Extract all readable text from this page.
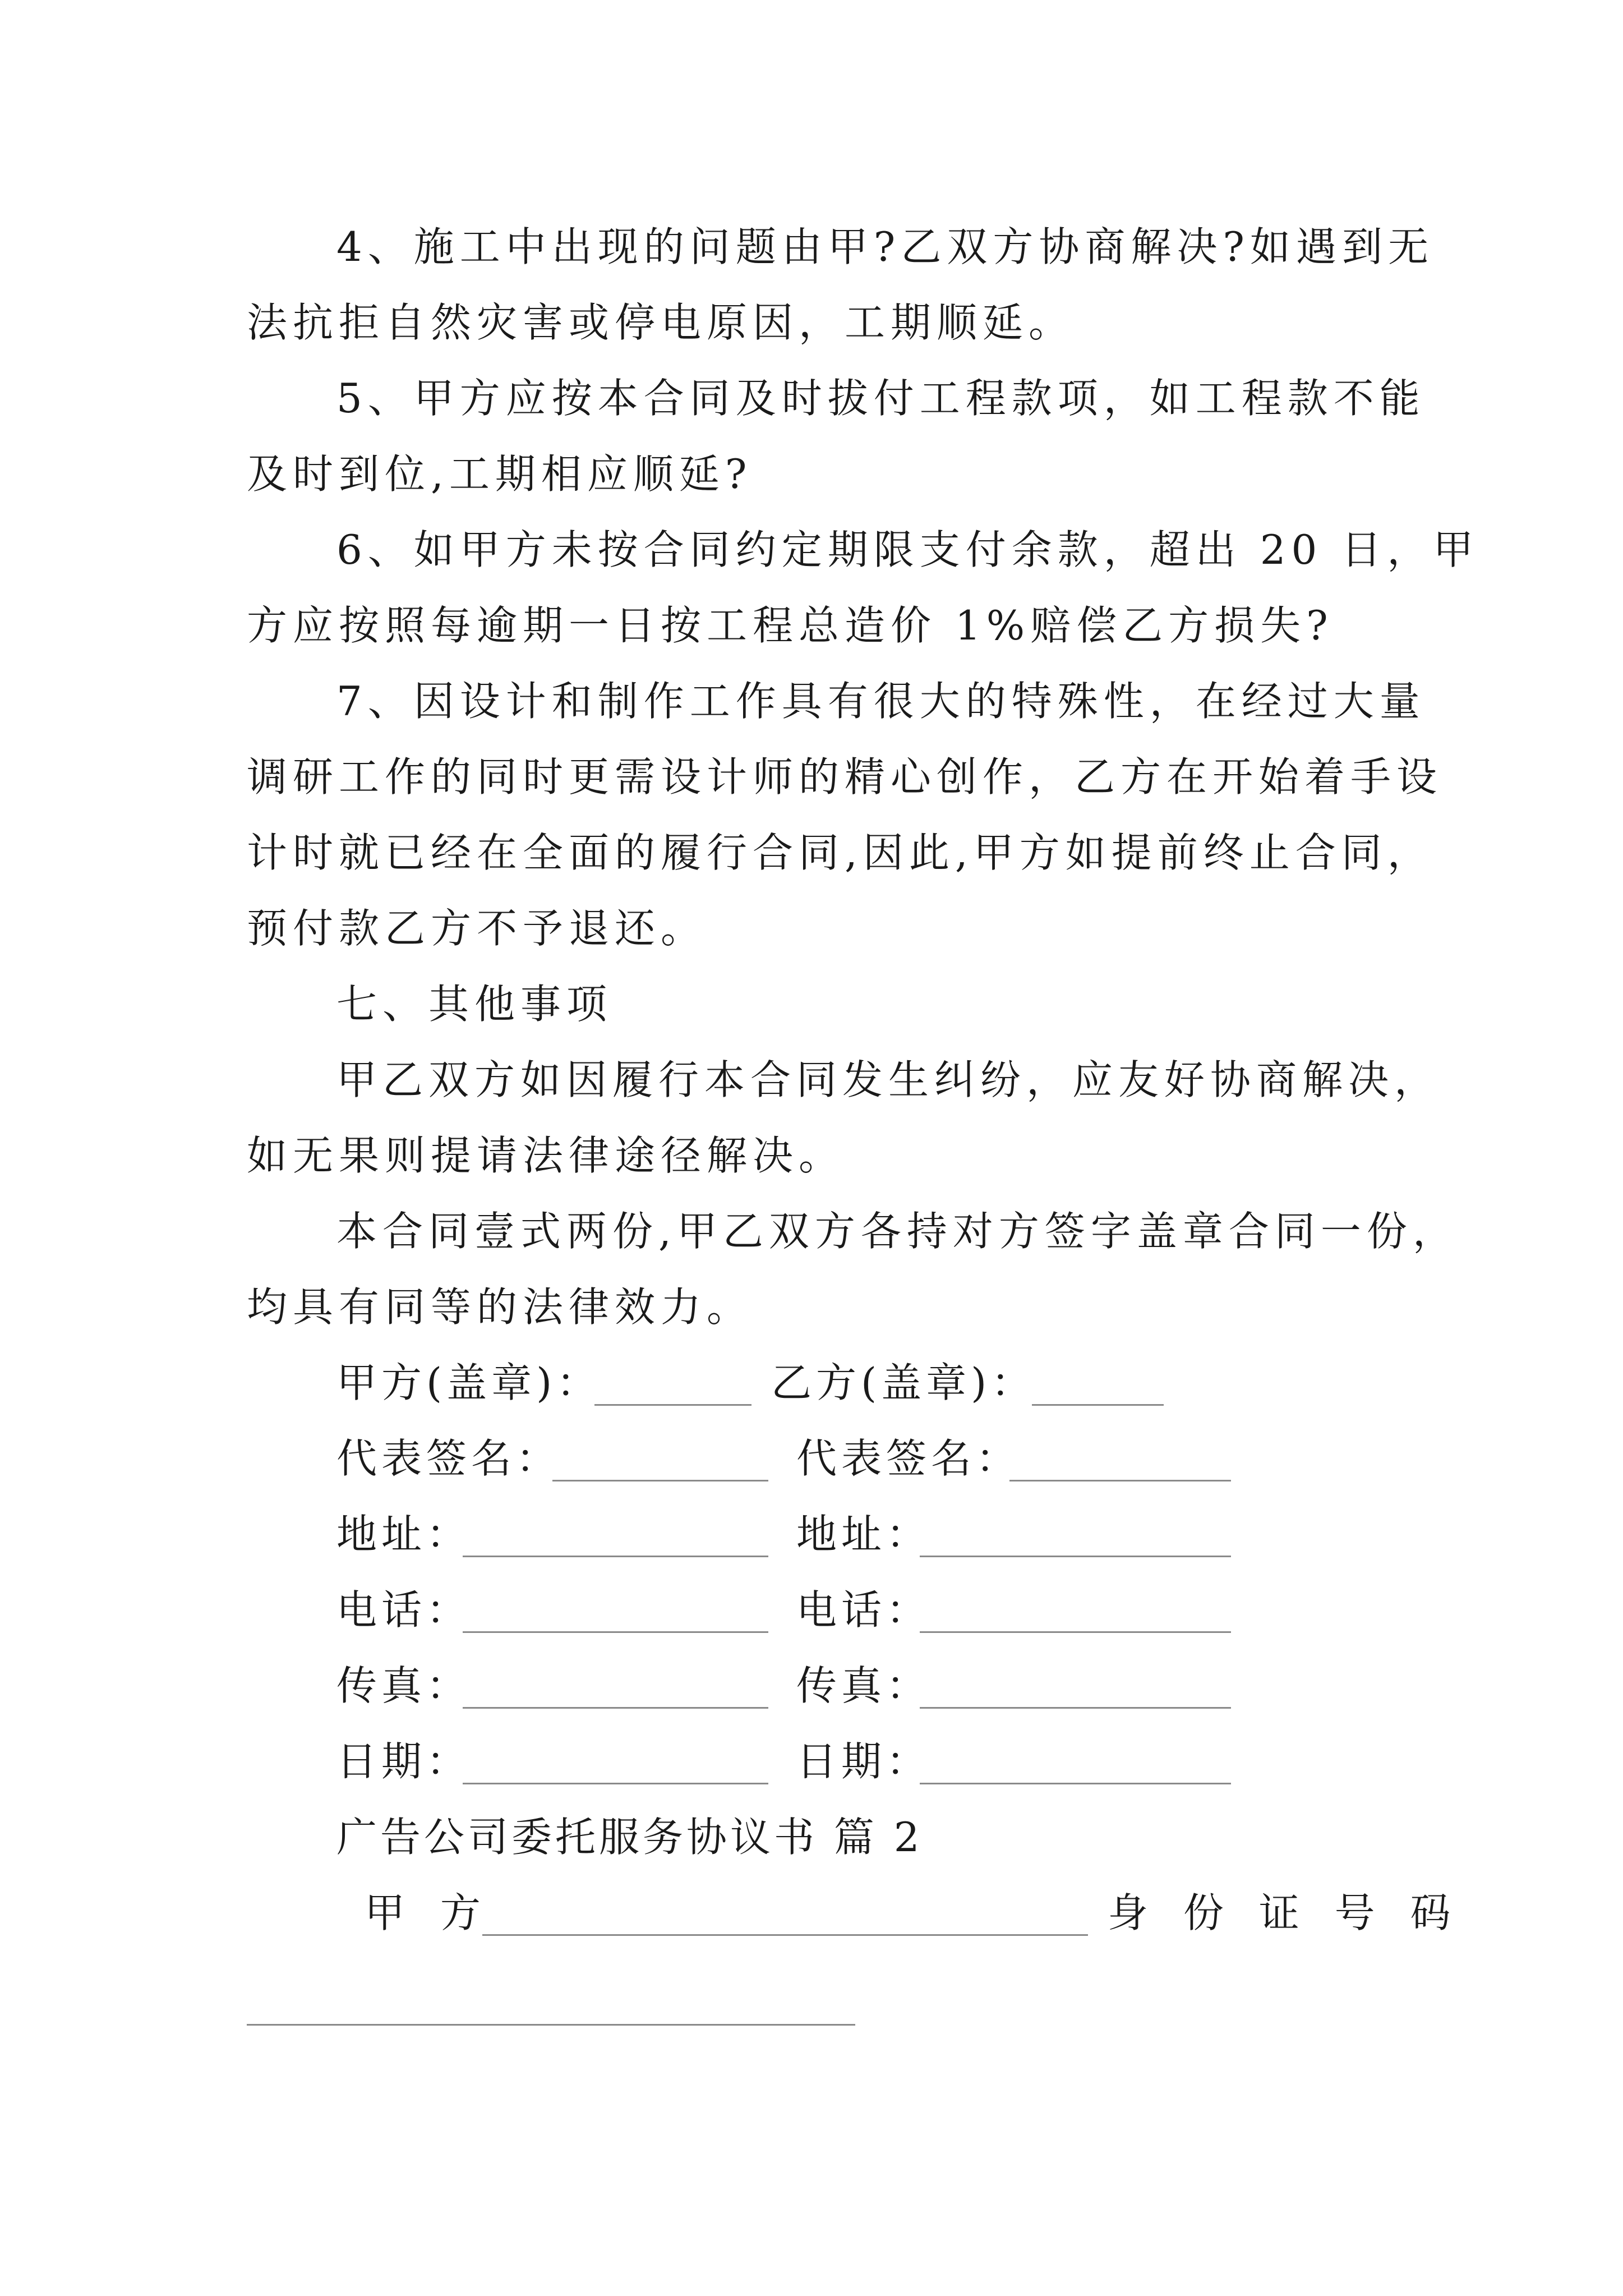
4、施工中出现的问题由甲?乙双方协商解决?如遇到无
法抗拒自然灾害或停电原因，工期顺延。
5、甲方应按本合同及时拔付工程款项，如工程款不能
及时到位,工期相应顺延?
6、如甲方未按合同约定期限支付余款，超出 20 日，甲
方应按照每逾期一日按工程总造价 1%赔偿乙方损失?
7、因设计和制作工作具有很大的特殊性，在经过大量
调研工作的同时更需设计师的精心创作，乙方在开始着手设
计时就已经在全面的履行合同,因此,甲方如提前终止合同，
预付款乙方不予退还。
七、其他事项
甲乙双方如因履行本合同发生纠纷，应友好协商解决，
如无果则提请法律途径解决。
本合同壹式两份,甲乙双方各持对方签字盖章合同一份，
均具有同等的法律效力。
甲方(盖章)：	乙方(盖章)：
代表签名：	代表签名：
地址：	地址：
电话：	电话：
传真：	传真：
日期：	日期：
广告公司委托服务协议书 篇 2
甲 方	身 份 证 号 码
